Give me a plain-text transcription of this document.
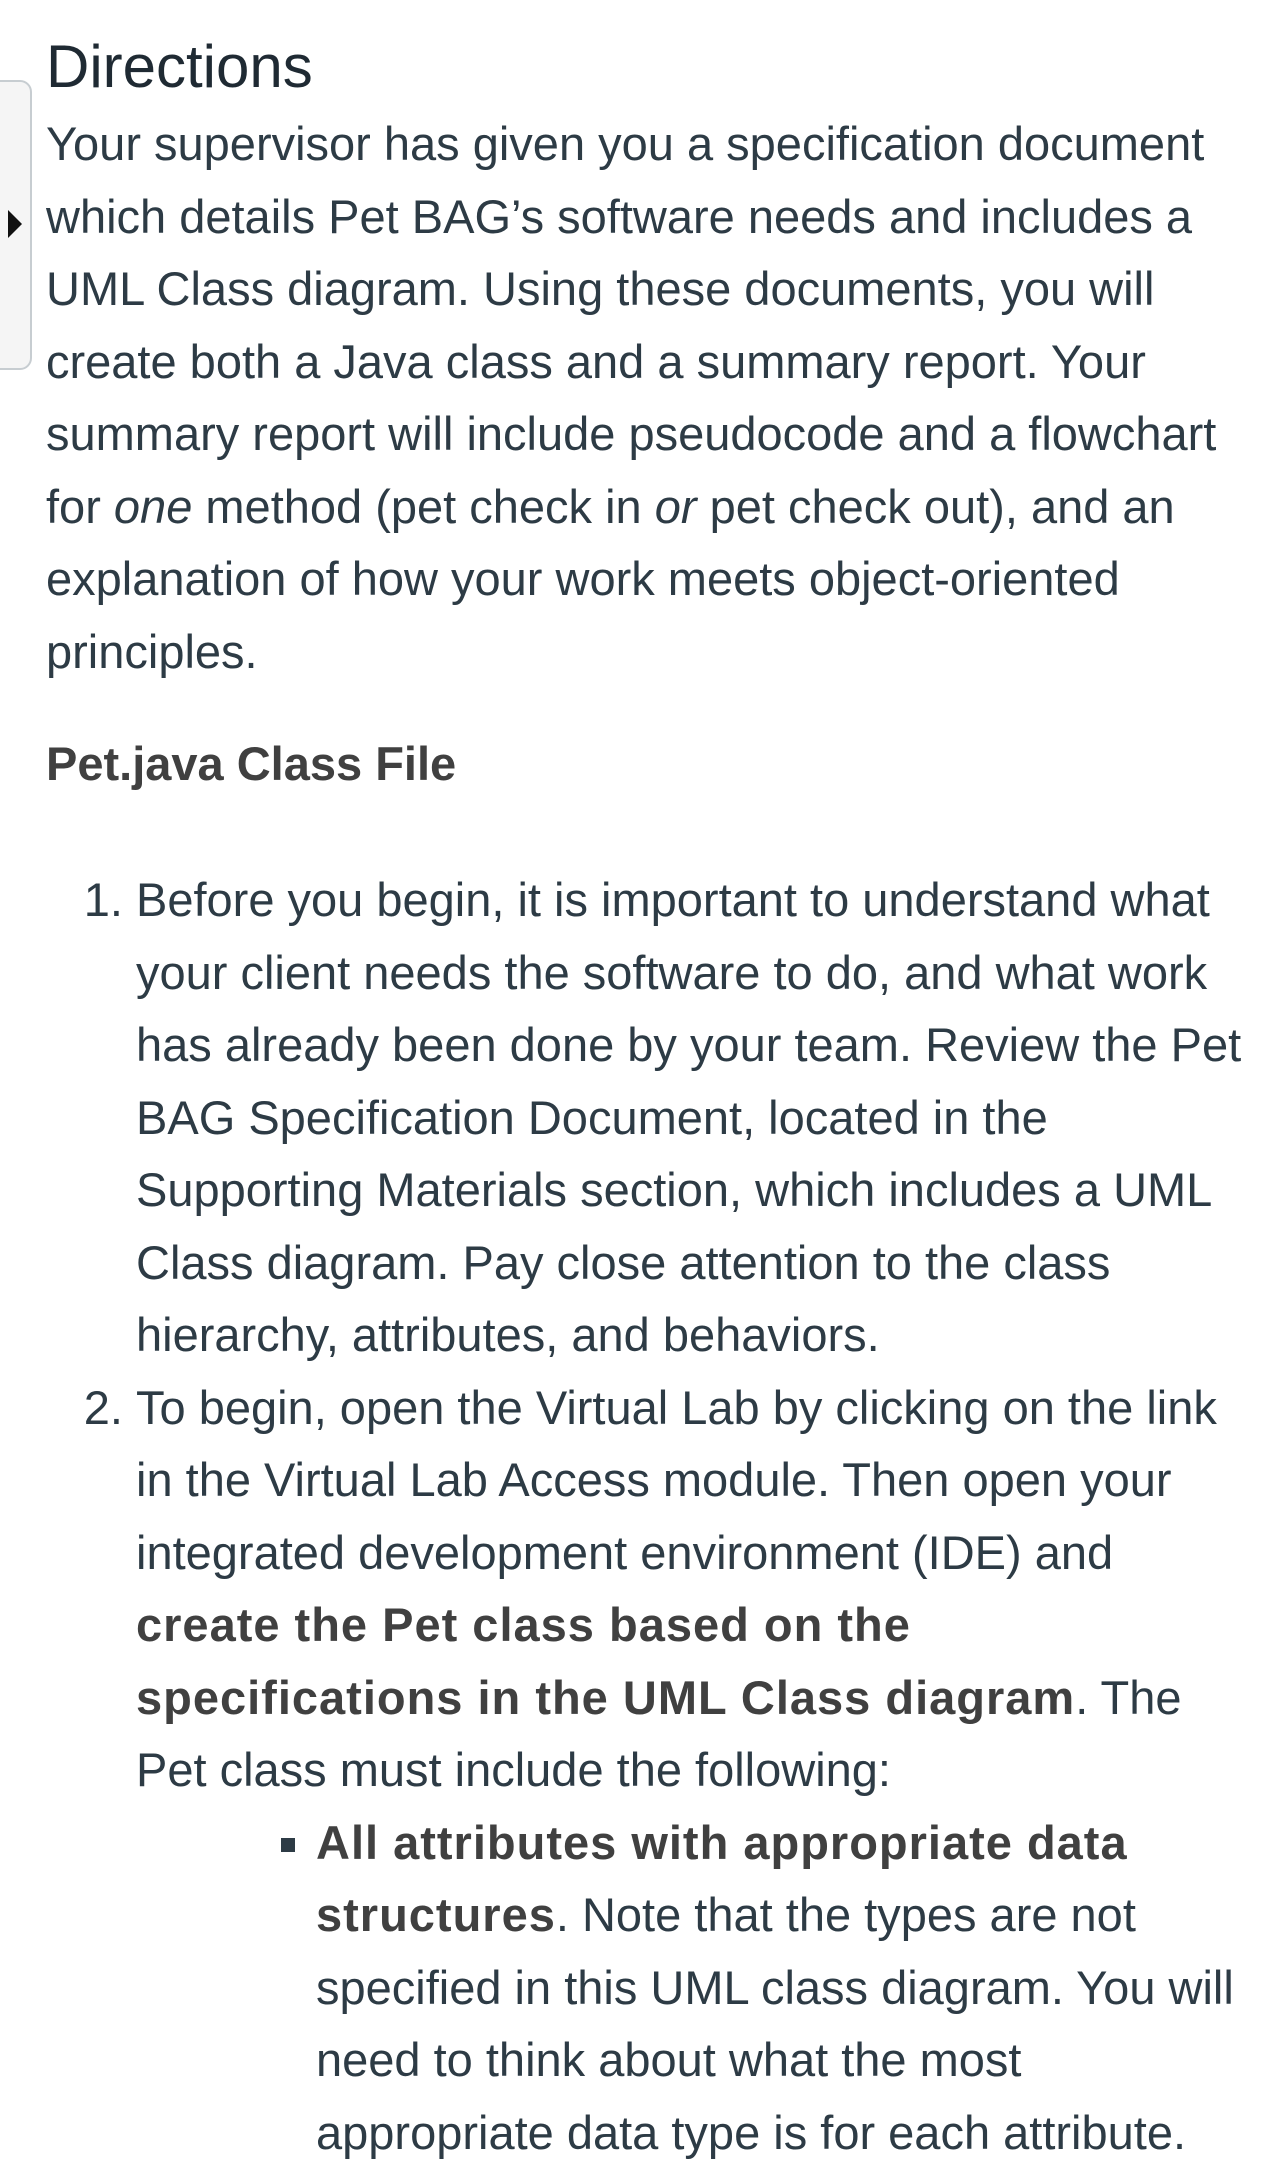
Directions

Your supervisor has given you a specification document which details Pet BAG’s software needs and includes a UML Class diagram. Using these documents, you will create both a Java class and a summary report. Your summary report will include pseudocode and a flowchart for one method (pet check in or pet check out), and an explanation of how your work meets object-oriented principles.

Pet.java Class File
1. Before you begin, it is important to understand what your client needs the software to do, and what work has already been done by your team. Review the Pet BAG Specification Document, located in the Supporting Materials section, which includes a UML Class diagram. Pay close attention to the class hierarchy, attributes, and behaviors.
2. To begin, open the Virtual Lab by clicking on the link in the Virtual Lab Access module. Then open your integrated development environment (IDE) and create the Pet class based on the specifications in the UML Class diagram. The Pet class must include the following:
▪ All attributes with appropriate data structures. Note that the types are not specified in this UML class diagram. You will need to think about what the most appropriate data type is for each attribute.
